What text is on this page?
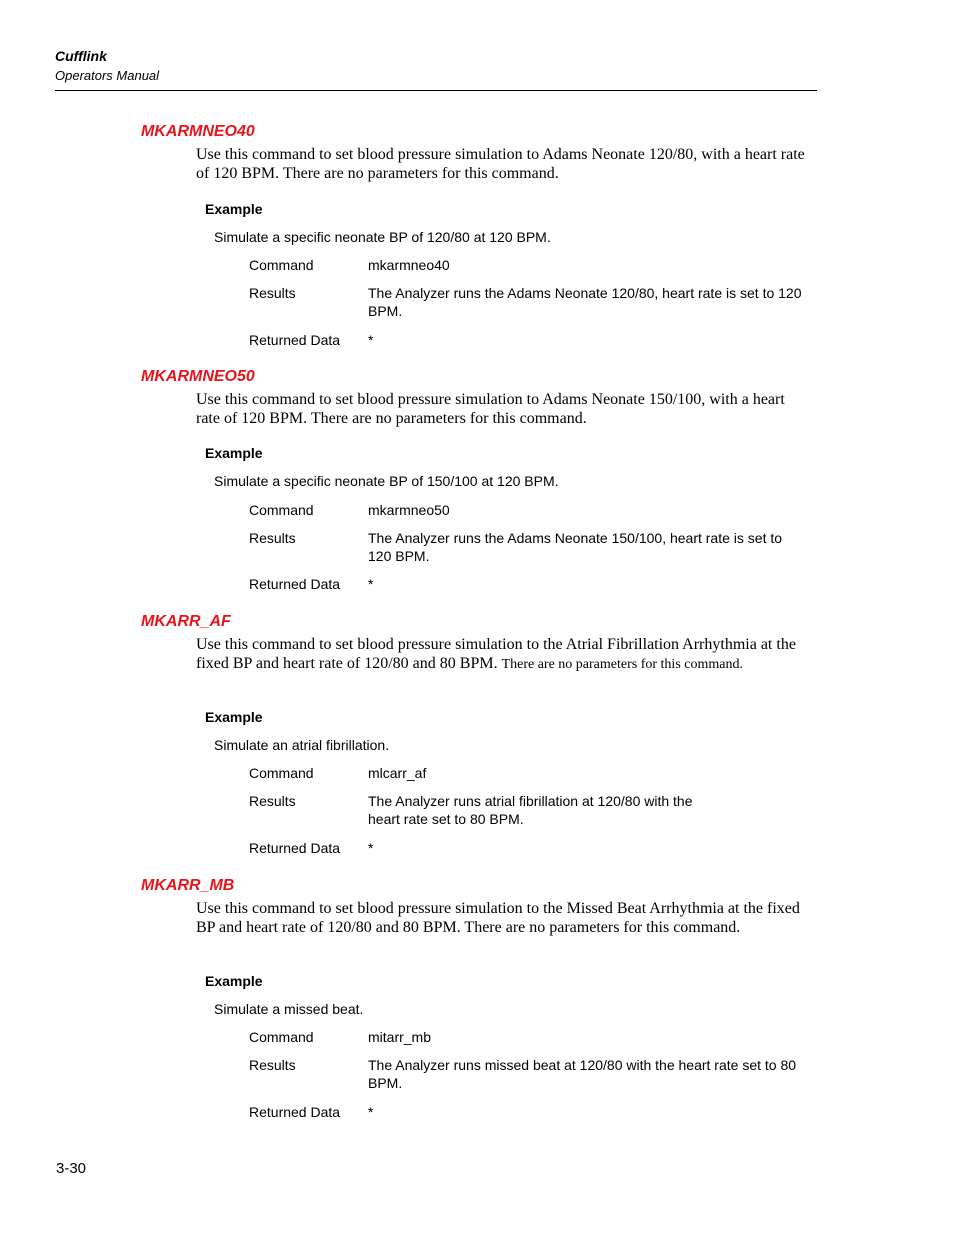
Cufflink
Operators Manual
MKARMNEO40
Use this command to set blood pressure simulation to Adams Neonate 120/80, with a heart rate of 120 BPM. There are no parameters for this command.
Example
Simulate a specific neonate BP of 120/80 at 120 BPM.
Command	mkarmneo40
Results	The Analyzer runs the Adams Neonate 120/80, heart rate is set to 120 BPM.
Returned Data *
MKARMNEO50
Use this command to set blood pressure simulation to Adams Neonate 150/100, with a heart rate of 120 BPM. There are no parameters for this command.
Example
Simulate a specific neonate BP of 150/100 at 120 BPM.
Command	mkarmneo50
Results	The Analyzer runs the Adams Neonate 150/100, heart rate is set to 120 BPM.
Returned Data *
MKARR_AF
Use this command to set blood pressure simulation to the Atrial Fibrillation Arrhythmia at the fixed BP and heart rate of 120/80 and 80 BPM. There are no parameters for this command.
Example
Simulate an atrial fibrillation.
Command	mlcarr_af
Results	The Analyzer runs atrial fibrillation at 120/80 with the heart rate set to 80 BPM.
Returned Data *
MKARR_MB
Use this command to set blood pressure simulation to the Missed Beat Arrhythmia at the fixed BP and heart rate of 120/80 and 80 BPM. There are no parameters for this command.
Example
Simulate a missed beat.
Command	mitarr_mb
Results	The Analyzer runs missed beat at 120/80 with the heart rate set to 80 BPM.
Returned Data *
3-30
